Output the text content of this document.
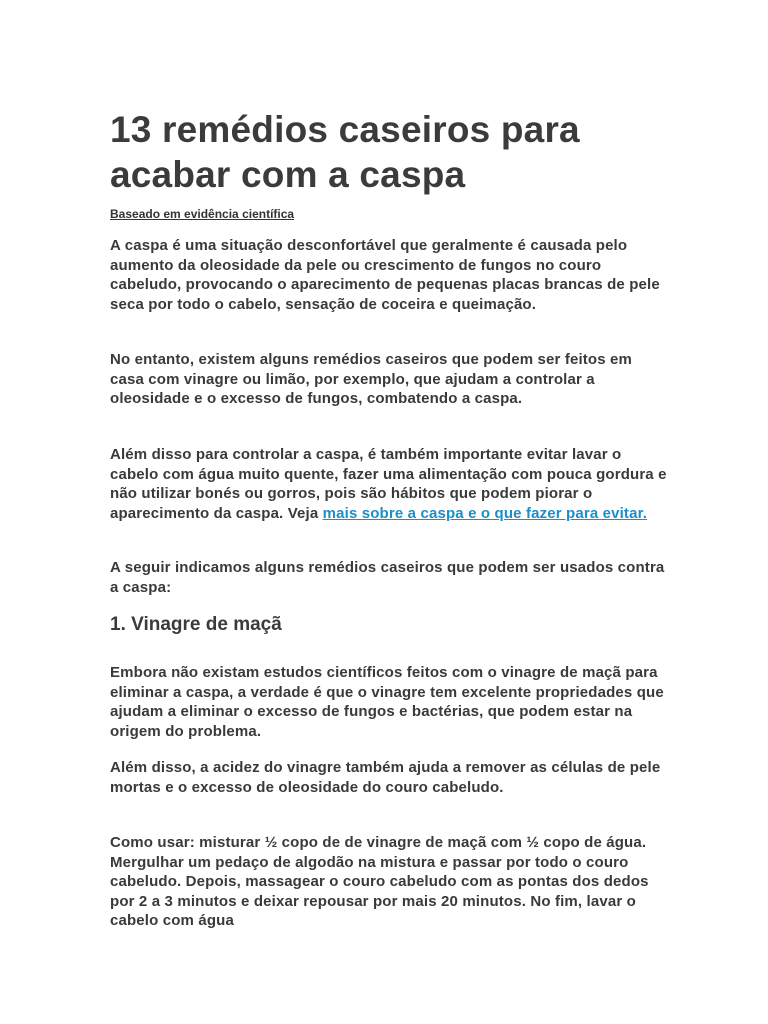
13 remédios caseiros para acabar com a caspa

Baseado em evidência científica

A caspa é uma situação desconfortável que geralmente é causada pelo aumento da oleosidade da pele ou crescimento de fungos no couro cabeludo, provocando o aparecimento de pequenas placas brancas de pele seca por todo o cabelo, sensação de coceira e queimação.

No entanto, existem alguns remédios caseiros que podem ser feitos em casa com vinagre ou limão, por exemplo, que ajudam a controlar a oleosidade e o excesso de fungos, combatendo a caspa.

Além disso para controlar a caspa, é também importante evitar lavar o cabelo com água muito quente, fazer uma alimentação com pouca gordura e não utilizar bonés ou gorros, pois são hábitos que podem piorar o aparecimento da caspa. Veja mais sobre a caspa e o que fazer para evitar.

A seguir indicamos alguns remédios caseiros que podem ser usados contra a caspa:

1. Vinagre de maçã

Embora não existam estudos científicos feitos com o vinagre de maçã para eliminar a caspa, a verdade é que o vinagre tem excelente propriedades que ajudam a eliminar o excesso de fungos e bactérias, que podem estar na origem do problema.

Além disso, a acidez do vinagre também ajuda a remover as células de pele mortas e o excesso de oleosidade do couro cabeludo.

Como usar: misturar ½ copo de de vinagre de maçã com ½ copo de água. Mergulhar um pedaço de algodão na mistura e passar por todo o couro cabeludo. Depois, massagear o couro cabeludo com as pontas dos dedos por 2 a 3 minutos e deixar repousar por mais 20 minutos. No fim, lavar o cabelo com água
